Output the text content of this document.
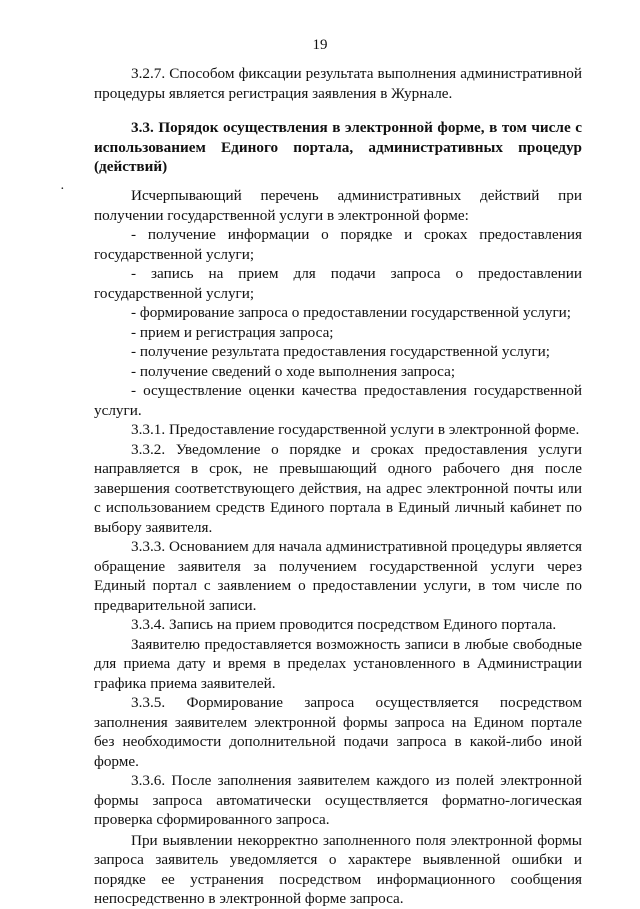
19
·

3.2.7. Способом фиксации результата выполнения административной процедуры является регистрация заявления в Журнале.

3.3. Порядок осуществления в электронной форме, в том числе с использованием Единого портала, административных процедур (действий)

Исчерпывающий перечень административных действий при получении государственной услуги в электронной форме:

- получение информации о порядке и сроках предоставления государственной услуги;

- запись на прием для подачи запроса о предоставлении государственной услуги;

- формирование запроса о предоставлении государственной услуги;

- прием и регистрация запроса;

- получение результата предоставления государственной услуги;

- получение сведений о ходе выполнения запроса;

- осуществление оценки качества предоставления государственной услуги.

3.3.1. Предоставление государственной услуги в электронной форме.

3.3.2. Уведомление о порядке и сроках предоставления услуги направляется в срок, не превышающий одного рабочего дня после завершения соответствующего действия, на адрес электронной почты или с использованием средств Единого портала в Единый личный кабинет по выбору заявителя.

3.3.3. Основанием для начала административной процедуры является обращение заявителя за получением государственной услуги через Единый портал с заявлением о предоставлении услуги, в том числе по предварительной записи.

3.3.4. Запись на прием проводится посредством Единого портала.

Заявителю предоставляется возможность записи в любые свободные для приема дату и время в пределах установленного в Администрации графика приема заявителей.

3.3.5. Формирование запроса осуществляется посредством заполнения заявителем электронной формы запроса на Едином портале без необходимости дополнительной подачи запроса в какой-либо иной форме.

3.3.6. После заполнения заявителем каждого из полей электронной формы запроса автоматически осуществляется форматно-логическая проверка сформированного запроса.

При выявлении некорректно заполненного поля электронной формы запроса заявитель уведомляется о характере выявленной ошибки и порядке ее устранения посредством информационного сообщения непосредственно в электронной форме запроса.
